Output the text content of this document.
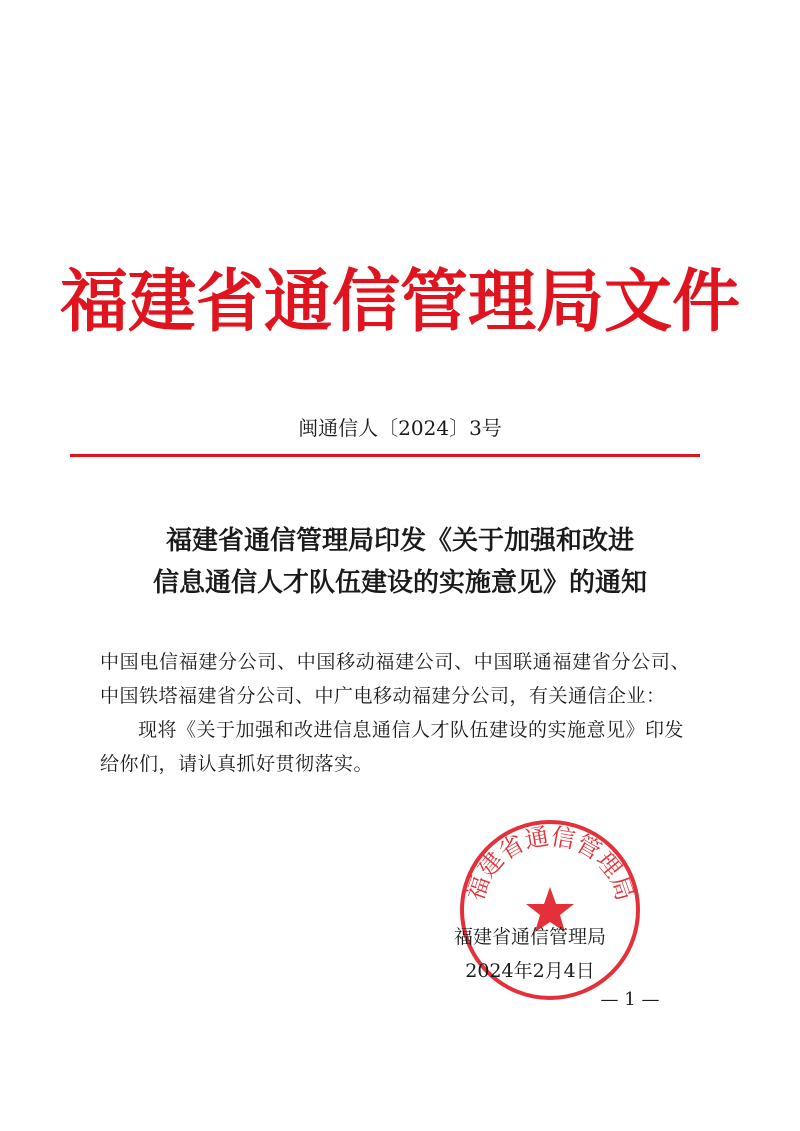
福建省通信管理局文件
闽通信人〔2024〕3号
福建省通信管理局印发《关于加强和改进
信息通信人才队伍建设的实施意见》的通知

中国电信福建分公司、中国移动福建公司、中国联通福建省分公司、中国铁塔福建省分公司、中广电移动福建分公司，有关通信企业：

现将《关于加强和改进信息通信人才队伍建设的实施意见》印发给你们，请认真抓好贯彻落实。

福建省通信管理局
福建省通信管理局
2024年2月4日
— 1 —
